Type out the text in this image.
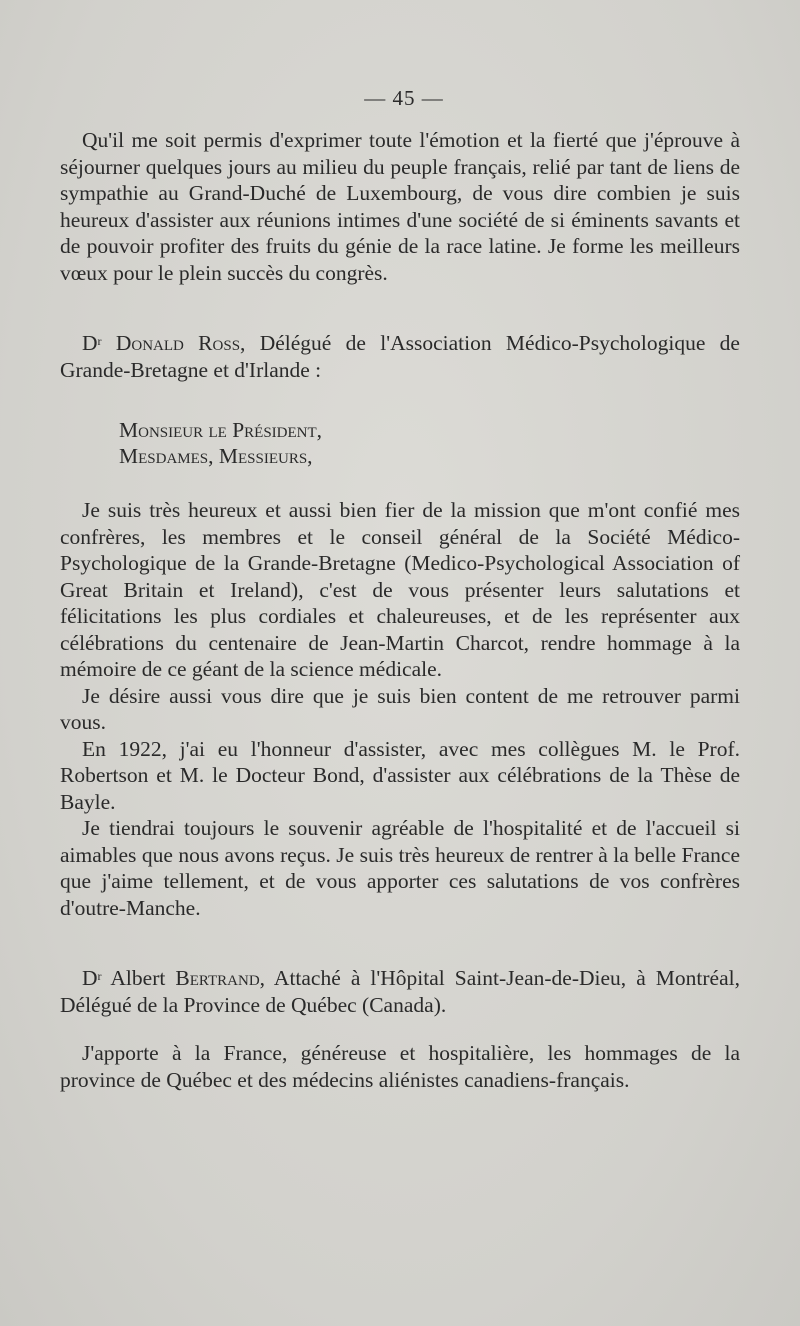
— 45 —

Qu'il me soit permis d'exprimer toute l'émotion et la fierté que j'éprouve à séjourner quelques jours au milieu du peuple français, relié par tant de liens de sympathie au Grand-Duché de Luxembourg, de vous dire combien je suis heureux d'assister aux réunions intimes d'une société de si éminents savants et de pouvoir profiter des fruits du génie de la race latine. Je forme les meilleurs vœux pour le plein succès du congrès.

$D^r$ Donald Ross, Délégué de l'Association Médico-Psychologique de Grande-Bretagne et d'Irlande :

Monsieur le Président,
Mesdames, Messieurs,

Je suis très heureux et aussi bien fier de la mission que m'ont confié mes confrères, les membres et le conseil général de la Société Médico-Psychologique de la Grande-Bretagne (Medico-Psychological Association of Great Britain et Ireland), c'est de vous présenter leurs salutations et félicitations les plus cordiales et chaleureuses, et de les représenter aux célébrations du centenaire de Jean-Martin Charcot, rendre hommage à la mémoire de ce géant de la science médicale.

Je désire aussi vous dire que je suis bien content de me retrouver parmi vous.

En 1922, j'ai eu l'honneur d'assister, avec mes collègues M. le Prof. Robertson et M. le Docteur Bond, d'assister aux célébrations de la Thèse de Bayle.

Je tiendrai toujours le souvenir agréable de l'hospitalité et de l'accueil si aimables que nous avons reçus. Je suis très heureux de rentrer à la belle France que j'aime tellement, et de vous apporter ces salutations de vos confrères d'outre-Manche.

$D^r$ Albert Bertrand, Attaché à l'Hôpital Saint-Jean-de-Dieu, à Montréal, Délégué de la Province de Québec (Canada).

J'apporte à la France, généreuse et hospitalière, les hommages de la province de Québec et des médecins aliénistes canadiens-français.
